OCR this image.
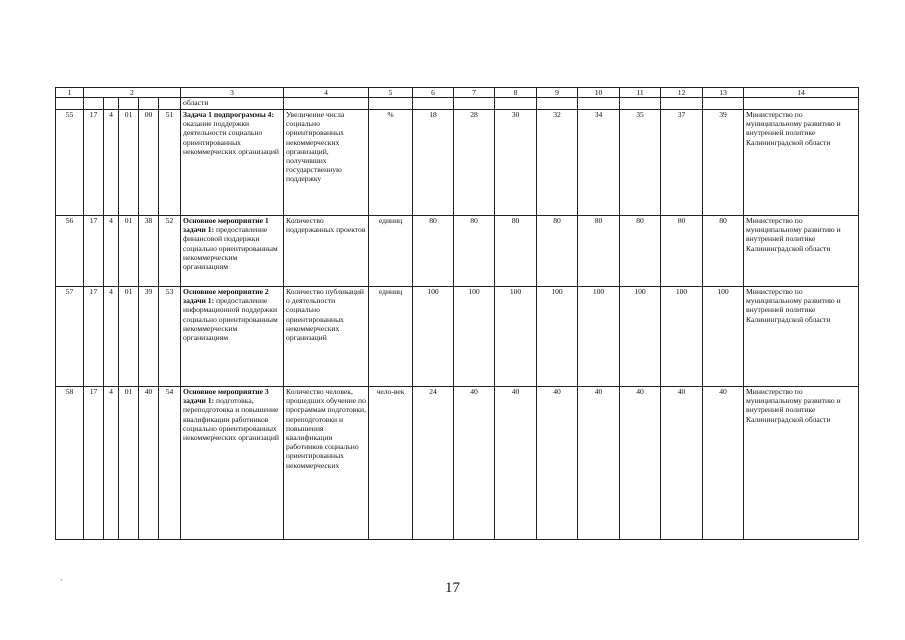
1	2					3	4	5	6	7	8	9	10	11	12	13	14
						области											
55	17	4	01	00	51	Задача 1 подпрограммы 4: оказание поддержки деятельности социально ориентированных некоммерческих организаций	Увеличение числа социально ориентированных некоммерческих организаций, получивших государственную поддержку	%	18	28	30	32	34	35	37	39	Министерство по муниципальному развитию и внутренней политике Калининградской области
56	17	4	01	38	52	Основное мероприятие 1 задачи 1: предоставление финансовой поддержки социально ориентированным некоммерческим организациям	Количество поддержанных проектов	единиц	80	80	80	80	80	80	80	80	Министерство по муниципальному развитию и внутренней политике Калининградской области
57	17	4	01	39	53	Основное мероприятие 2 задачи 1: предоставление информационной поддержки социально ориентированным некоммерческим организациям	Количество публикаций о деятельности социально ориентированных некоммерческих организаций	единиц	100	100	100	100	100	100	100	100	Министерство по муниципальному развитию и внутренней политике Калининградской области
58	17	4	01	40	54	Основное мероприятие 3 задачи 1: подготовка, переподготовка и повышение квалификации работников социально ориентированных некоммерческих организаций	Количество человек, прошедших обучение по программам подготовки, переподготовки и повышения квалификации работников социально ориентированных некоммерческих	чело-век	24	40	40	40	40	40	40	40	Министерство по муниципальному развитию и внутренней политике Калининградской области
’	17
